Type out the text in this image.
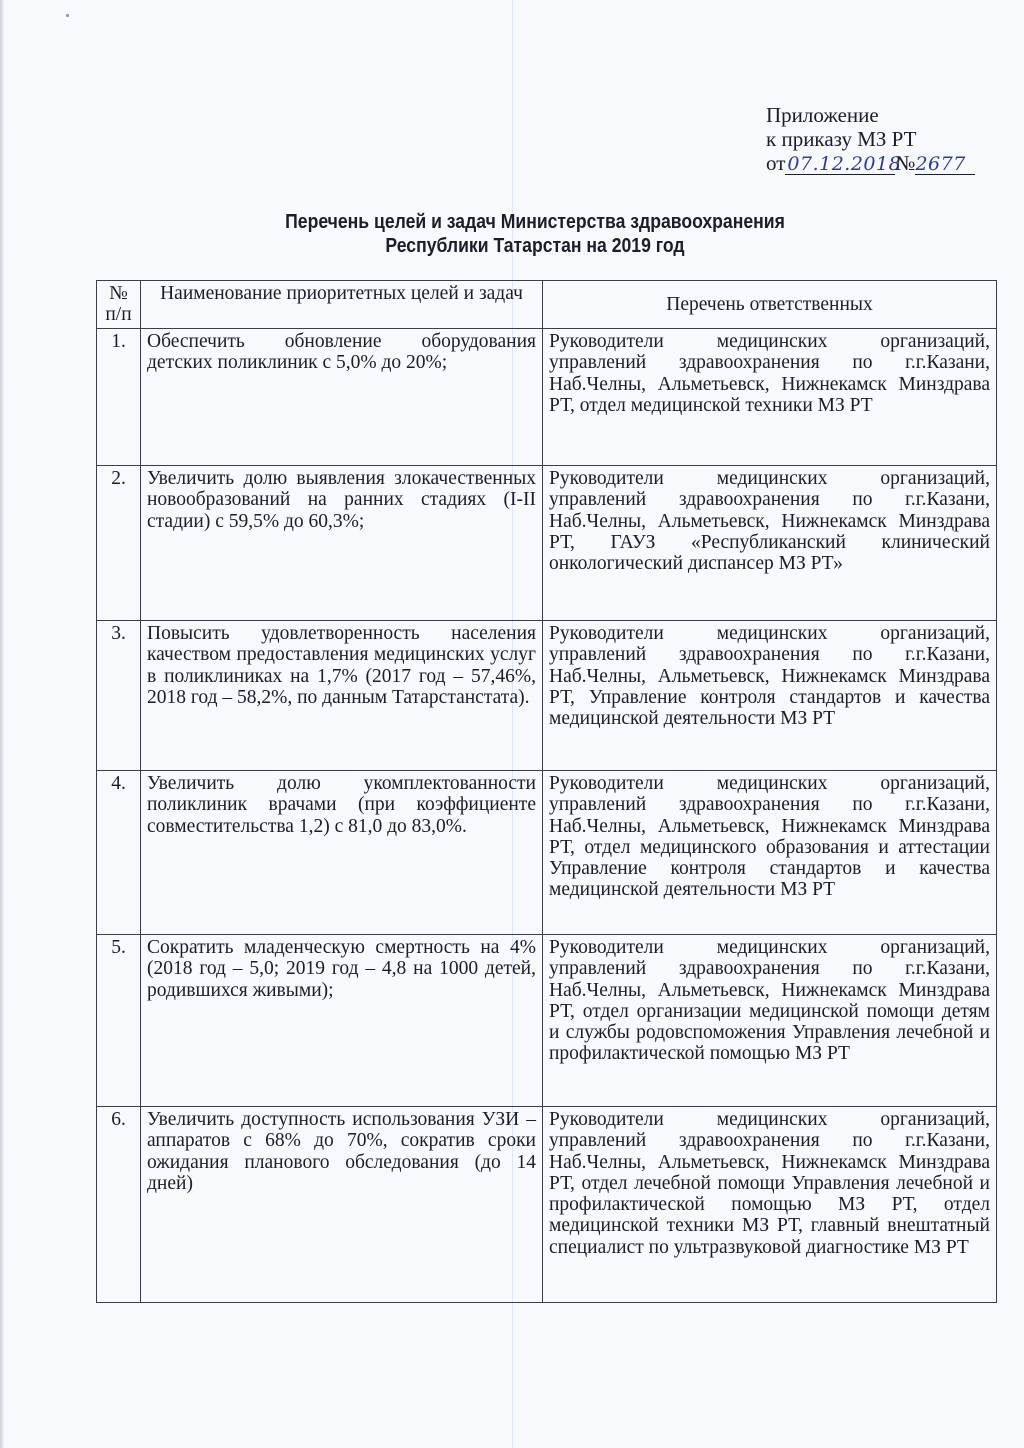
Приложение
к приказу МЗ РТ
от 07.12.2018№2677
Перечень целей и задач Министерства здравоохранения
Республики Татарстан на 2019 год
№ п/п	Наименование приоритетных целей и задач	Перечень ответственных
1.	Обеспечить обновление оборудования детских поликлиник с 5,0% до 20%;	Руководители медицинских организаций, управлений здравоохранения по г.г.Казани, Наб.Челны, Альметьевск, Нижнекамск Минздрава РТ, отдел медицинской техники МЗ РТ
2.	Увеличить долю выявления злокачественных новообразований на ранних стадиях (I-II стадии) с 59,5% до 60,3%;	Руководители медицинских организаций, управлений здравоохранения по г.г.Казани, Наб.Челны, Альметьевск, Нижнекамск Минздрава РТ, ГАУЗ «Республиканский клинический онкологический диспансер МЗ РТ»
3.	Повысить удовлетворенность населения качеством предоставления медицинских услуг в поликлиниках на 1,7% (2017 год – 57,46%, 2018 год – 58,2%, по данным Татарстанстата).	Руководители медицинских организаций, управлений здравоохранения по г.г.Казани, Наб.Челны, Альметьевск, Нижнекамск Минздрава РТ, Управление контроля стандартов и качества медицинской деятельности МЗ РТ
4.	Увеличить долю укомплектованности поликлиник врачами (при коэффициенте совместительства 1,2) с 81,0 до 83,0%.	Руководители медицинских организаций, управлений здравоохранения по г.г.Казани, Наб.Челны, Альметьевск, Нижнекамск Минздрава РТ, отдел медицинского образования и аттестации Управление контроля стандартов и качества медицинской деятельности МЗ РТ
5.	Сократить младенческую смертность на 4% (2018 год – 5,0; 2019 год – 4,8 на 1000 детей, родившихся живыми);	Руководители медицинских организаций, управлений здравоохранения по г.г.Казани, Наб.Челны, Альметьевск, Нижнекамск Минздрава РТ, отдел организации медицинской помощи детям и службы родовспоможения Управления лечебной и профилактической помощью МЗ РТ
6.	Увеличить доступность использования УЗИ – аппаратов с 68% до 70%, сократив сроки ожидания планового обследования (до 14 дней)	Руководители медицинских организаций, управлений здравоохранения по г.г.Казани, Наб.Челны, Альметьевск, Нижнекамск Минздрава РТ, отдел лечебной помощи Управления лечебной и профилактической помощью МЗ РТ, отдел медицинской техники МЗ РТ, главный внештатный специалист по ультразвуковой диагностике МЗ РТ
